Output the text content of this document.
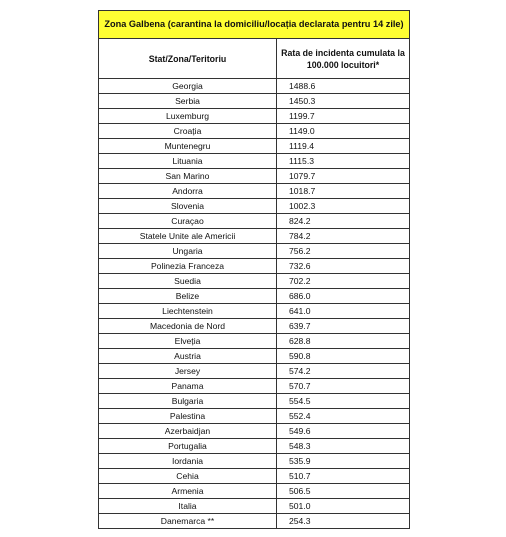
Zona Galbena (carantina la domiciliu/locația declarata pentru 14 zile)	
Stat/Zona/Teritoriu	Rata de incidenta cumulata la 100.000 locuitori*
Georgia	1488.6
Serbia	1450.3
Luxemburg	1199.7
Croația	1149.0
Muntenegru	1119.4
Lituania	1115.3
San Marino	1079.7
Andorra	1018.7
Slovenia	1002.3
Curaçao	824.2
Statele Unite ale Americii	784.2
Ungaria	756.2
Polinezia Franceza	732.6
Suedia	702.2
Belize	686.0
Liechtenstein	641.0
Macedonia de Nord	639.7
Elveția	628.8
Austria	590.8
Jersey	574.2
Panama	570.7
Bulgaria	554.5
Palestina	552.4
Azerbaidjan	549.6
Portugalia	548.3
Iordania	535.9
Cehia	510.7
Armenia	506.5
Italia	501.0
Danemarca **	254.3
